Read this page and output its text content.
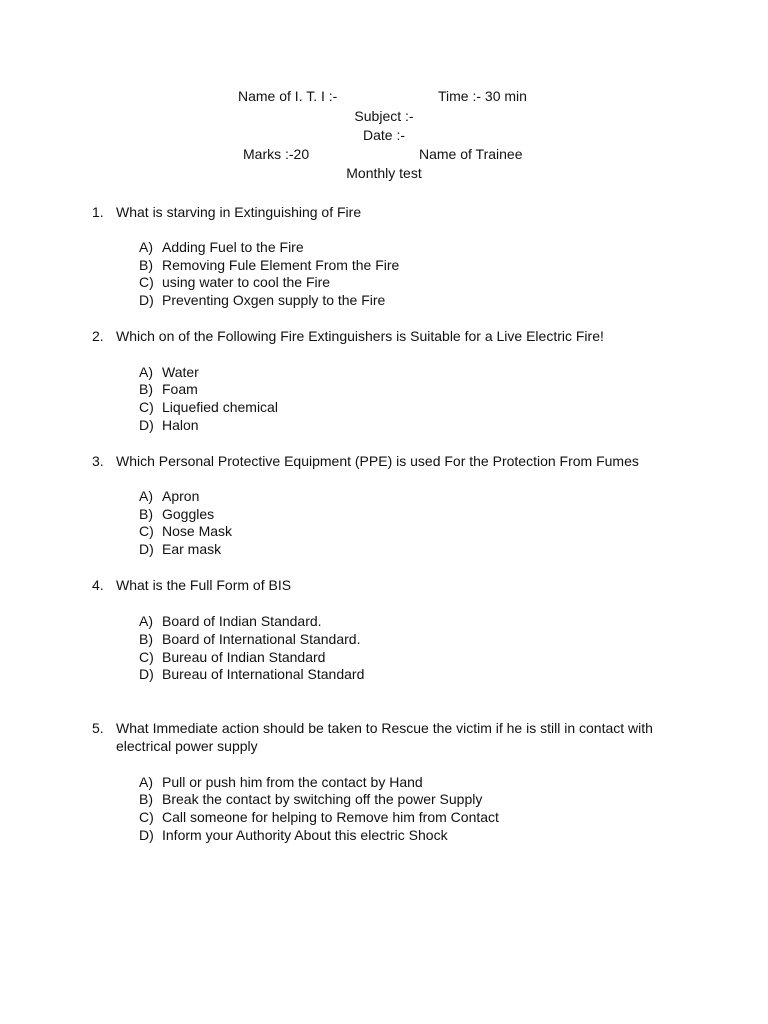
Name of I. T. I :-	Time :- 30 min
Subject :-
Date :-
Marks :-20	Name of Trainee
Monthly test
1. What is starving in Extinguishing of Fire
A) Adding Fuel to the Fire
B) Removing Fule Element From the Fire
C) using water to cool the Fire
D) Preventing Oxgen supply to the Fire
2. Which on of the Following Fire Extinguishers is Suitable for a Live Electric Fire!
A) Water
B) Foam
C) Liquefied chemical
D) Halon
3. Which Personal Protective Equipment (PPE) is used For the Protection From Fumes
A) Apron
B) Goggles
C) Nose Mask
D) Ear mask
4. What is the Full Form of BIS
A) Board of Indian Standard.
B) Board of International Standard.
C) Bureau of Indian Standard
D) Bureau of International Standard
5. What Immediate action should be taken to Rescue the victim if he is still in contact with electrical power supply
A) Pull or push him from the contact by Hand
B) Break the contact by switching off the power Supply
C) Call someone for helping to Remove him from Contact
D) Inform your Authority About this electric Shock
